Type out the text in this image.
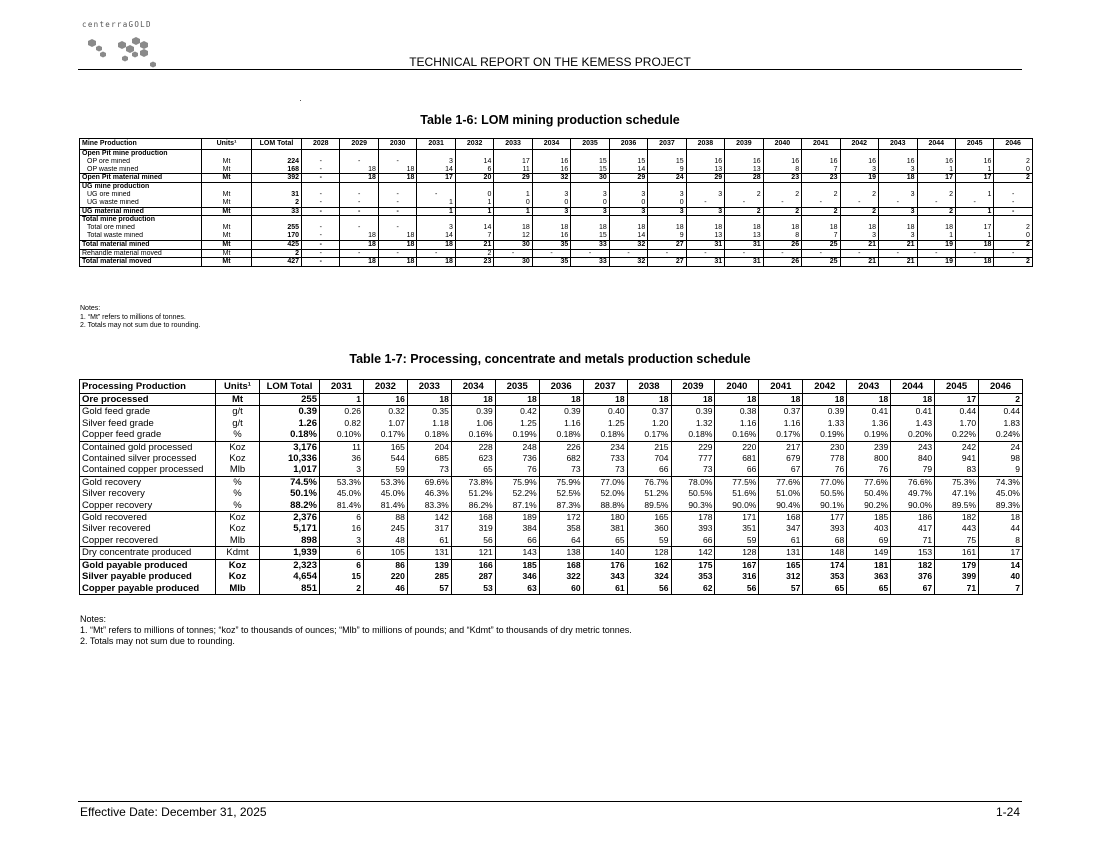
centerraGOLD
TECHNICAL REPORT ON THE KEMESS PROJECT
Table 1-6: LOM mining production schedule
Mine Production	Units¹	LOM Total	2028	2029	2030	2031	2032	2033	2034	2035	2036	2037	2038	2039	2040	2041	2042	2043	2044	2045	2046
Open Pit mine production																					
OP ore mined	Mt	224	-	-	-	3	14	17	16	15	15	15	16	16	16	16	16	16	16	16	2
OP waste mined	Mt	168	-	18	18	14	6	11	16	15	14	9	13	13	8	7	3	3	1	1	0
Open Pit material mined	Mt	392	-	18	18	17	20	29	32	30	29	24	29	28	23	23	19	18	17	17	2
UG mine production																					
UG ore mined	Mt	31	-	-	-	-	0	1	3	3	3	3	3	2	2	2	2	3	2	1	-
UG waste mined	Mt	2	-	-	-	1	1	0	0	0	0	0	-	-	-	-	-	-	-	-	-
UG material mined	Mt	33	-	-	-	1	1	1	3	3	3	3	3	2	2	2	2	3	2	1	-
Total mine production																					
Total ore mined	Mt	255	-	-	-	3	14	18	18	18	18	18	18	18	18	18	18	18	18	17	2
Total waste mined	Mt	170	-	18	18	14	7	12	16	15	14	9	13	13	8	7	3	3	1	1	0
Total material mined	Mt	425	-	18	18	18	21	30	35	33	32	27	31	31	26	25	21	21	19	18	2
Rehandle material moved	Mt	2	-	-	-	-	2	-	-	-	-	-	-	-	-	-	-	-	-	-	-
Total material moved	Mt	427	-	18	18	18	23	30	35	33	32	27	31	31	26	25	21	21	19	18	2
Notes:
1. “Mt” refers to millions of tonnes.
2. Totals may not sum due to rounding.
Table 1-7: Processing, concentrate and metals production schedule
Processing Production	Units¹	LOM Total	2031	2032	2033	2034	2035	2036	2037	2038	2039	2040	2041	2042	2043	2044	2045	2046
Ore processed	Mt	255	1	16	18	18	18	18	18	18	18	18	18	18	18	18	17	2
Gold feed grade	g/t	0.39	0.26	0.32	0.35	0.39	0.42	0.39	0.40	0.37	0.39	0.38	0.37	0.39	0.41	0.41	0.44	0.44
Silver feed grade	g/t	1.26	0.82	1.07	1.18	1.06	1.25	1.16	1.25	1.20	1.32	1.16	1.16	1.33	1.36	1.43	1.70	1.83
Copper feed grade	%	0.18%	0.10%	0.17%	0.18%	0.16%	0.19%	0.18%	0.18%	0.17%	0.18%	0.16%	0.17%	0.19%	0.19%	0.20%	0.22%	0.24%
Contained gold processed	Koz	3,176	11	165	204	228	248	226	234	215	229	220	217	230	239	243	242	24
Contained silver processed	Koz	10,336	36	544	685	623	736	682	733	704	777	681	679	778	800	840	941	98
Contained copper processed	Mlb	1,017	3	59	73	65	76	73	73	66	73	66	67	76	76	79	83	9
Gold recovery	%	74.5%	53.3%	53.3%	69.6%	73.8%	75.9%	75.9%	77.0%	76.7%	78.0%	77.5%	77.6%	77.0%	77.6%	76.6%	75.3%	74.3%
Silver recovery	%	50.1%	45.0%	45.0%	46.3%	51.2%	52.2%	52.5%	52.0%	51.2%	50.5%	51.6%	51.0%	50.5%	50.4%	49.7%	47.1%	45.0%
Copper recovery	%	88.2%	81.4%	81.4%	83.3%	86.2%	87.1%	87.3%	88.8%	89.5%	90.3%	90.0%	90.4%	90.1%	90.2%	90.0%	89.5%	89.3%
Gold recovered	Koz	2,376	6	88	142	168	189	172	180	165	178	171	168	177	185	186	182	18
Silver recovered	Koz	5,171	16	245	317	319	384	358	381	360	393	351	347	393	403	417	443	44
Copper recovered	Mlb	898	3	48	61	56	66	64	65	59	66	59	61	68	69	71	75	8
Dry concentrate produced	Kdmt	1,939	6	105	131	121	143	138	140	128	142	128	131	148	149	153	161	17
Gold payable produced	Koz	2,323	6	86	139	166	185	168	176	162	175	167	165	174	181	182	179	14
Silver payable produced	Koz	4,654	15	220	285	287	346	322	343	324	353	316	312	353	363	376	399	40
Copper payable produced	Mlb	851	2	46	57	53	63	60	61	56	62	56	57	65	65	67	71	7
Notes:
1. “Mt” refers to millions of tonnes; “koz” to thousands of ounces; “Mlb” to millions of pounds; and “Kdmt” to thousands of dry metric tonnes.
2. Totals may not sum due to rounding.
Effective Date: December 31, 2025	1-24
